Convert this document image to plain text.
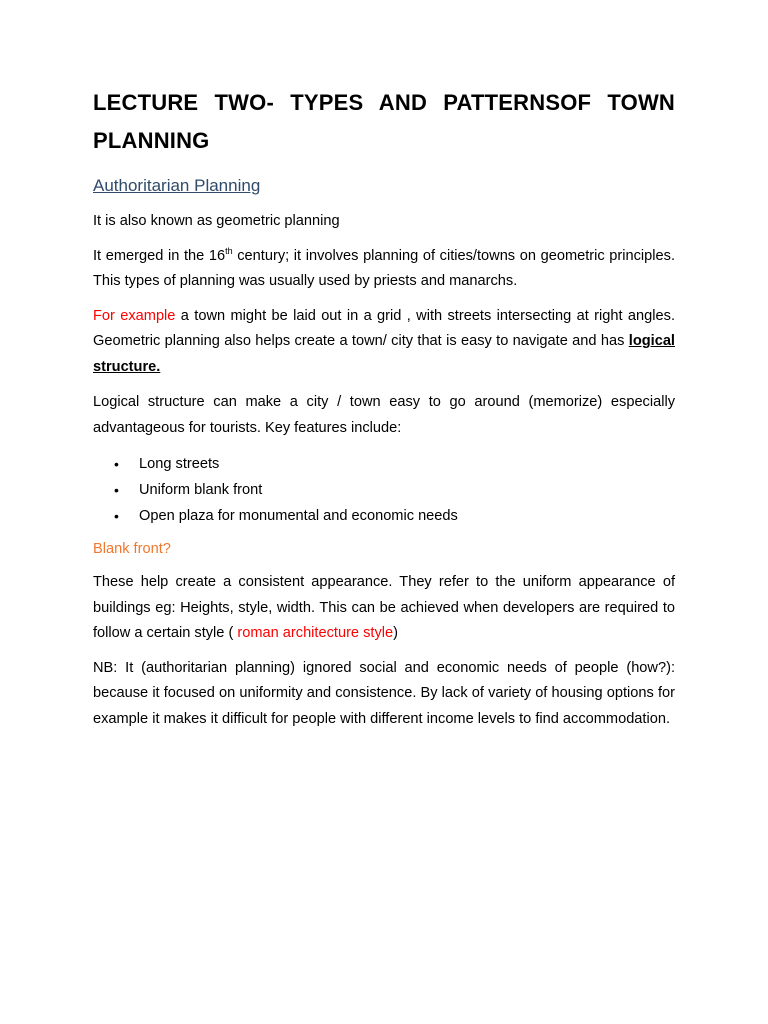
LECTURE TWO- TYPES AND PATTERNSOF TOWN PLANNING
Authoritarian Planning

It is also known as geometric planning

It emerged in the 16th century; it involves planning of cities/towns on geometric principles. This types of planning was usually used by priests and manarchs.

For example a town might be laid out in a grid , with streets intersecting at right angles. Geometric planning also helps create a town/ city that is easy to navigate and has logical structure.

Logical structure can make a city / town easy to go around (memorize) especially advantageous for tourists. Key features include:

• Long streets
• Uniform blank front
• Open plaza for monumental and economic needs
Blank front?

These help create a consistent appearance. They refer to the uniform appearance of buildings eg: Heights, style, width. This can be achieved when developers are required to follow a certain style ( roman architecture style)

NB: It (authoritarian planning) ignored social and economic needs of people (how?): because it focused on uniformity and consistence. By lack of variety of housing options for example it makes it difficult for people with different income levels to find accommodation.
